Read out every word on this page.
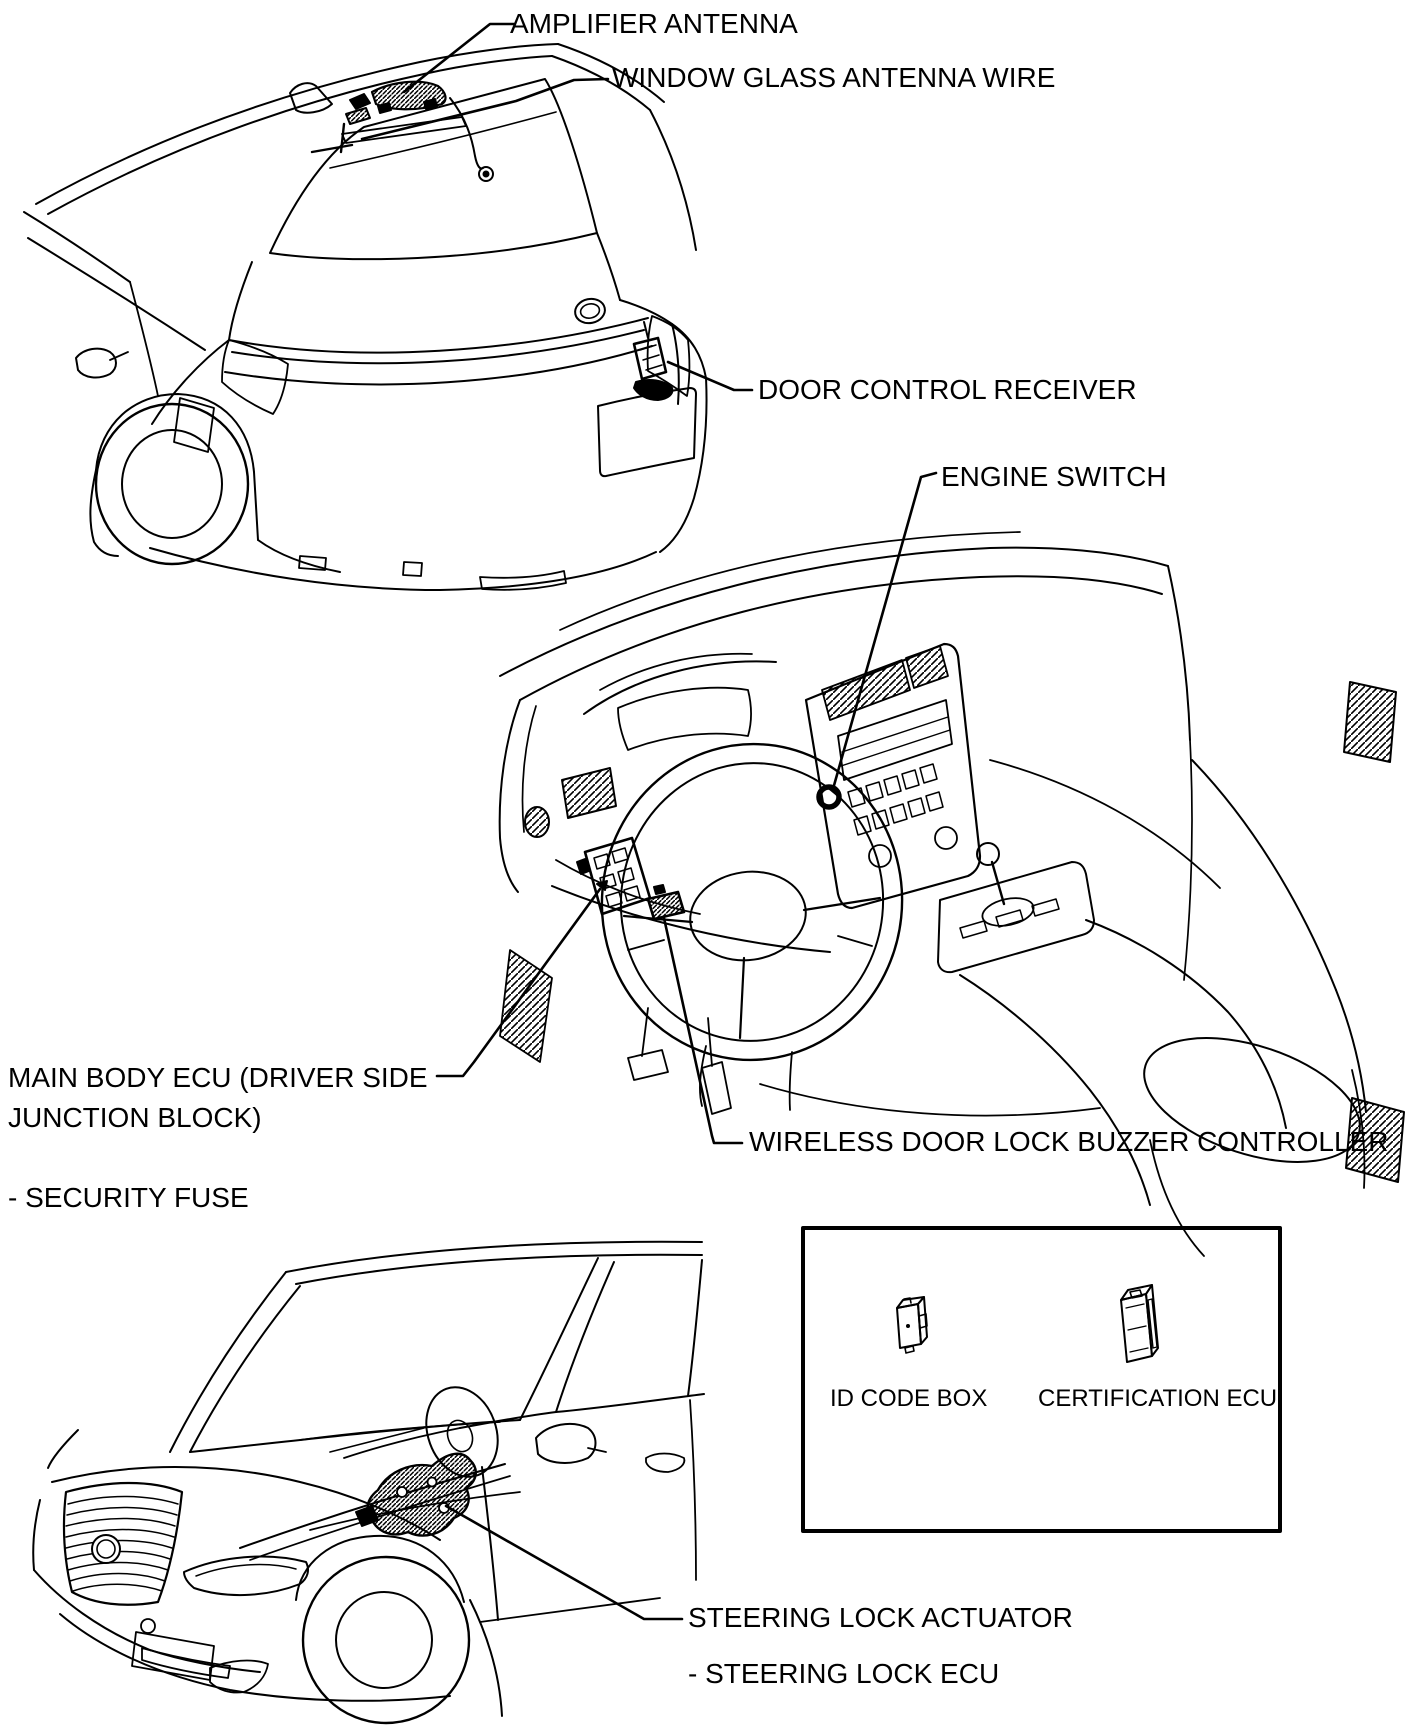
AMPLIFIER ANTENNA
WINDOW GLASS ANTENNA WIRE
DOOR CONTROL RECEIVER
ENGINE SWITCH
MAIN BODY ECU (DRIVER SIDE
JUNCTION BLOCK)
- SECURITY FUSE
WIRELESS DOOR LOCK BUZZER CONTROLLER
STEERING LOCK ACTUATOR
- STEERING LOCK ECU
ID CODE BOX CERTIFICATION ECU
